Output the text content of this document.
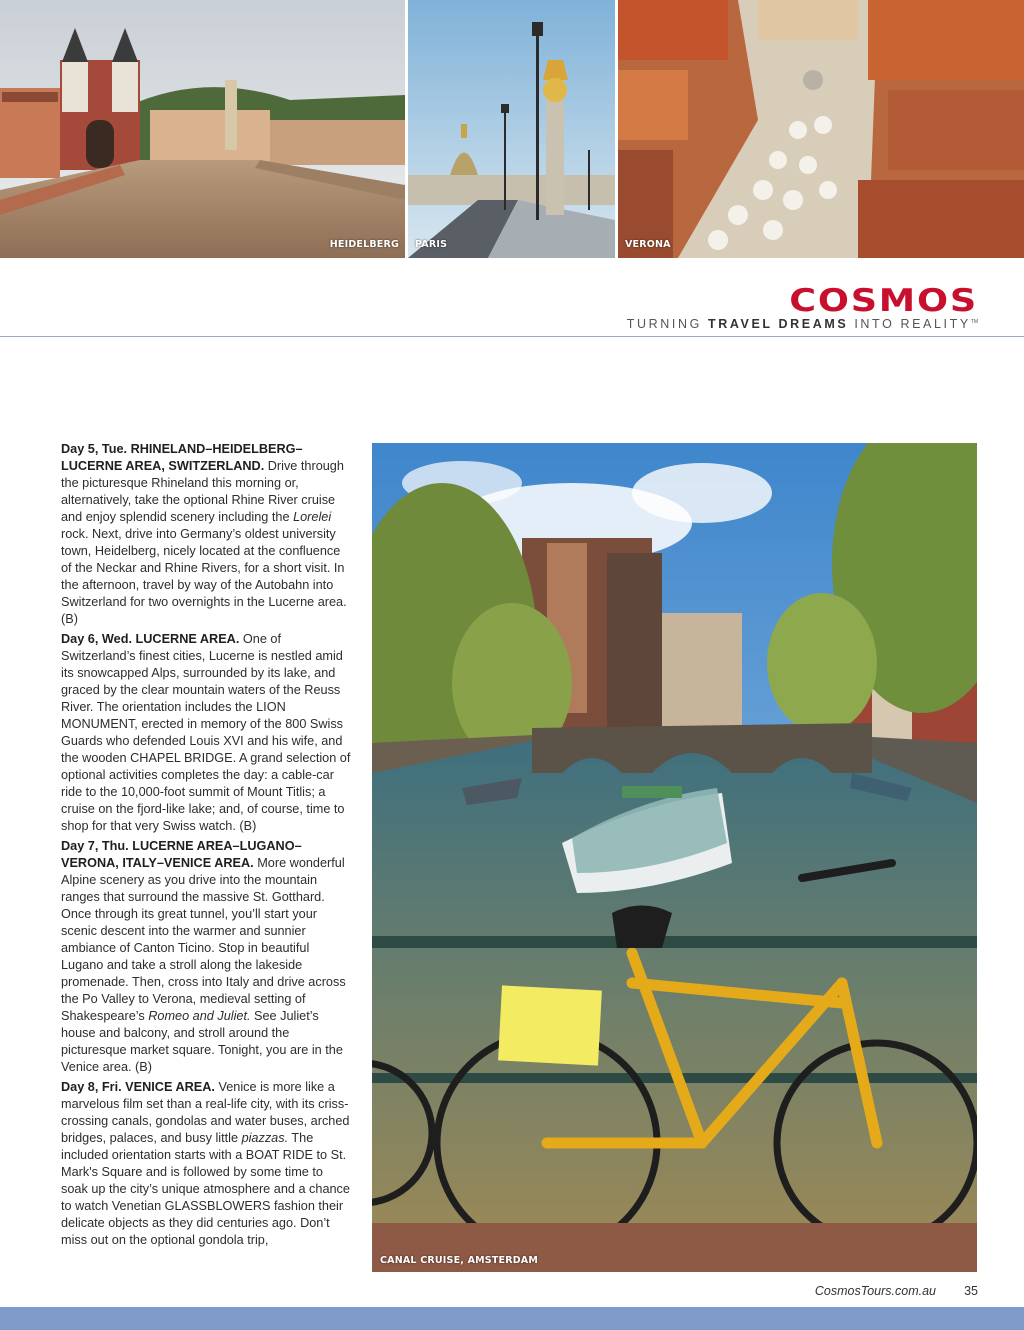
HEIDELBERG PARIS	VERONA
COSMOS
TURNING TRAVEL DREAMS INTO REALITY™

Day 5, Tue. RHINELAND–HEIDELBERG–LUCERNE AREA, SWITZERLAND. Drive through the picturesque Rhineland this morning or, alternatively, take the optional Rhine River cruise and enjoy splendid scenery including the Lorelei rock. Next, drive into Germany’s oldest university town, Heidelberg, nicely located at the confluence of the Neckar and Rhine Rivers, for a short visit. In the afternoon, travel by way of the Autobahn into Switzerland for two overnights in the Lucerne area. (B)

Day 6, Wed. LUCERNE AREA. One of Switzerland’s finest cities, Lucerne is nestled amid its snowcapped Alps, surrounded by its lake, and graced by the clear mountain waters of the Reuss River. The orientation includes the LION MONUMENT, erected in memory of the 800 Swiss Guards who defended Louis XVI and his wife, and the wooden CHAPEL BRIDGE. A grand selection of optional activities completes the day: a cable-car ride to the 10,000-foot summit of Mount Titlis; a cruise on the fjord-like lake; and, of course, time to shop for that very Swiss watch. (B)

Day 7, Thu. LUCERNE AREA–LUGANO–VERONA, ITALY–VENICE AREA. More wonderful Alpine scenery as you drive into the mountain ranges that surround the massive St. Gotthard. Once through its great tunnel, you’ll start your scenic descent into the warmer and sunnier ambiance of Canton Ticino. Stop in beautiful Lugano and take a stroll along the lakeside promenade. Then, cross into Italy and drive across the Po Valley to Verona, medieval setting of Shakespeare’s Romeo and Juliet. See Juliet’s house and balcony, and stroll around the picturesque market square. Tonight, you are in the Venice area. (B)

Day 8, Fri. VENICE AREA. Venice is more like a marvelous film set than a real-life city, with its criss-crossing canals, gondolas and water buses, arched bridges, palaces, and busy little piazzas. The included orientation starts with a BOAT RIDE to St. Mark's Square and is followed by some time to soak up the city’s unique atmosphere and a chance to watch Venetian GLASSBLOWERS fashion their delicate objects as they did centuries ago. Don’t miss out on the optional gondola trip,

CANAL CRUISE, AMSTERDAM
CosmosTours.com.au 35
